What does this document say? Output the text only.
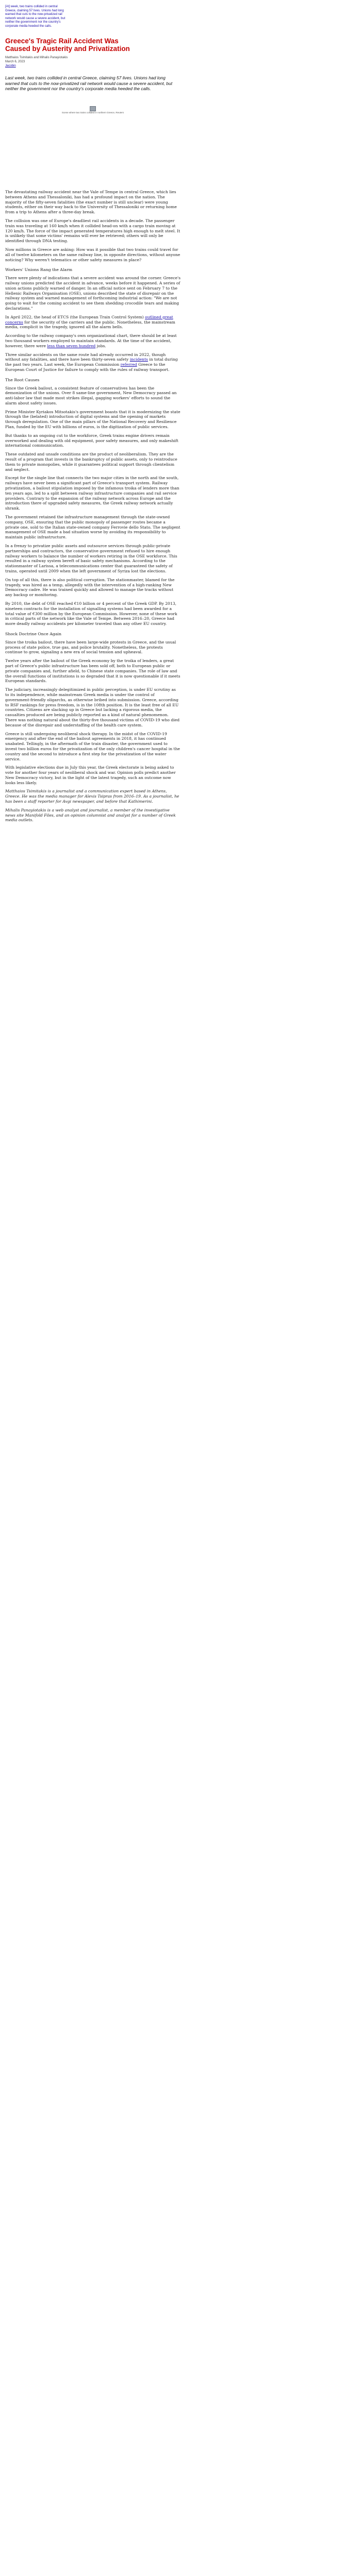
[At] week, two trains collided in central Greece, claiming 57 lives. Unions had long warned that cuts to the now-privatized rail network would cause a severe accident, but neither the government nor the country's corporate media heeded the calls.
Greece's Tragic Rail Accident Was Caused by Austerity and Privatization
Matthaios Tsimitakis and Mihalis Panayiotakis
March 6, 2023
Jacobin
Last week, two trains collided in central Greece, claiming 57 lives. Unions had long warned that cuts to the now-privatized rail network would cause a severe accident, but neither the government nor the country's corporate media heeded the calls.
Scene where two trains collided in northern Greece, Reuters

The devastating railway accident near the Vale of Tempe in central Greece, which lies between Athens and Thessaloniki, has had a profound impact on the nation. The majority of the fifty-seven fatalities (the exact number is still unclear) were young students, either on their way back to the University of Thessaloniki or returning home from a trip to Athens after a three-day break.

The collision was one of Europe's deadliest rail accidents in a decade. The passenger train was traveling at 160 km/h when it collided head-on with a cargo train moving at 120 km/h. The force of the impact generated temperatures high enough to melt steel. It is unlikely that some victims' remains will ever be retrieved; others will only be identified through DNA testing.

Now millions in Greece are asking: How was it possible that two trains could travel for all of twelve kilometers on the same railway line, in opposite directions, without anyone noticing? Why weren't telematics or other safety measures in place?

Workers' Unions Rang the Alarm

There were plenty of indications that a severe accident was around the corner. Greece's railway unions predicted the accident in advance, weeks before it happened. A series of union actions publicly warned of danger. In an official notice sent on February 7 to the Hellenic Railways Organisation (OSE), unions described the state of disrepair on the railway system and warned management of forthcoming industrial action: "We are not going to wait for the coming accident to see them shedding crocodile tears and making declarations."

In April 2022, the head of ETCS (the European Train Control System) outlined great concerns for the security of the carriers and the public. Nonetheless, the mainstream media, complicit in the tragedy, ignored all the alarm bells.

According to the railway company's own organizational chart, there should be at least two thousand workers employed to maintain standards. At the time of the accident, however, there were less than seven hundred jobs.

Three similar accidents on the same route had already occurred in 2022, though without any fatalities, and there have been thirty-seven safety incidents in total during the past two years. Last week, the European Commission referred Greece to the European Court of Justice for failure to comply with the rules of railway transport.

The Root Causes

Since the Greek bailout, a consistent feature of conservatives has been the demonization of the unions. Over 8 same-line government, New Democracy passed an anti-labor law that made most strikes illegal, gagging workers' efforts to sound the alarm about safety issues.

Prime Minister Kyriakos Mitsotakis's government boasts that it is modernizing the state through the (belated) introduction of digital systems and the opening of markets through deregulation. One of the main pillars of the National Recovery and Resilience Plan, funded by the EU with billions of euros, is the digitization of public services.

But thanks to an ongoing cut to the workforce, Greek trains engine drivers remain overworked and dealing with old equipment, poor safety measures, and only makeshift international communication.

These outdated and unsafe conditions are the product of neoliberalism. They are the result of a program that invests in the bankruptcy of public assets, only to reintroduce them to private monopolies, while it guarantees political support through clientelism and neglect.

Except for the single line that connects the two major cities in the north and the south, railways have never been a significant part of Greece's transport system. Railway privatization, a bailout stipulation imposed by the infamous troika of lenders more than ten years ago, led to a split between railway infrastructure companies and rail service providers. Contrary to the expansion of the railway network across Europe and the introduction there of upgraded safety measures, the Greek railway network actually shrank.

The government retained the infrastructure management through the state-owned company, OSE, ensuring that the public monopoly of passenger routes became a private one, sold to the Italian state-owned company Ferrovie dello Stato. The negligent management of OSE made a bad situation worse by avoiding its responsibility to maintain public infrastructure.

In a frenzy to privatize public assets and outsource services through public-private partnerships and contractors, the conservative government refused to hire enough railway workers to balance the number of workers retiring in the OSE workforce. This resulted in a railway system bereft of basic safety mechanisms. According to the stationmaster of Larissa, a telecommunications center that guaranteed the safety of trains, operated until 2009 when the left government of Syriza lost the elections.

On top of all this, there is also political corruption. The stationmaster, blamed for the tragedy, was hired as a temp, allegedly with the intervention of a high-ranking New Democracy cadre. He was trained quickly and allowed to manage the tracks without any backup or monitoring.

By 2010, the debt of OSE reached €10 billion or 4 percent of the Greek GDP. By 2013, nineteen contracts for the installation of signalling systems had been awarded for a total value of €300 million by the European Commission. However, none of these work in critical parts of the network like the Vale of Tempe. Between 2016–20, Greece had more deadly railway accidents per kilometer traveled than any other EU country.

Shock Doctrine Once Again

Since the troika bailout, there have been large-wide protests in Greece, and the usual process of state police, true gas, and police brutality. Nonetheless, the protests continue to grow, signaling a new era of social tension and upheaval.

Twelve years after the bailout of the Greek economy by the troika of lenders, a great part of Greece's public infrastructure has been sold off, both to European public or private companies and, further afield, to Chinese state companies. The role of law and the overall functions of institutions is so degraded that it is now questionable if it meets European standards.

The judiciary, increasingly delegitimized in public perception, is under EU scrutiny as to its independence, while mainstream Greek media is under the control of government-friendly oligarchs, as otherwise bribed into submission. Greece, according to RSF rankings for press freedom, is in the 108th position. It is the least free of all EU countries. Citizens are slacking up in Greece but lacking a rigorous media, the casualties produced are being publicly reported as a kind of natural phenomenon. There was nothing natural about the thirty-five thousand victims of COVID-19 who died because of the disrepair and understaffing of the health care system.

Greece is still undergoing neoliberal shock therapy. In the midst of the COVID-19 emergency and after the end of the bailout agreements in 2018, it has continued unabated. Tellingly, in the aftermath of the train disaster, the government used to invest two billion euros for the privatization of the only children's cancer hospital in the country and the second to introduce a first step for the privatization of the water service.

With legislative elections due in July this year, the Greek electorate is being asked to vote for another four years of neoliberal shock and war. Opinion polls predict another New Democracy victory, but in the light of the latest tragedy, such an outcome now looks less likely.

Matthaios Tsimitakis is a journalist and a communication expert based in Athens, Greece. He was the media manager for Alexis Tsipras from 2016–19. As a journalist, he has been a staff reporter for Avgi newspaper, and before that Kathimerini.

Mihalis Panayiotakis is a web analyst and journalist, a member of the investigative news site Manifold Files, and an opinion columnist and analyst for a number of Greek media outlets.
